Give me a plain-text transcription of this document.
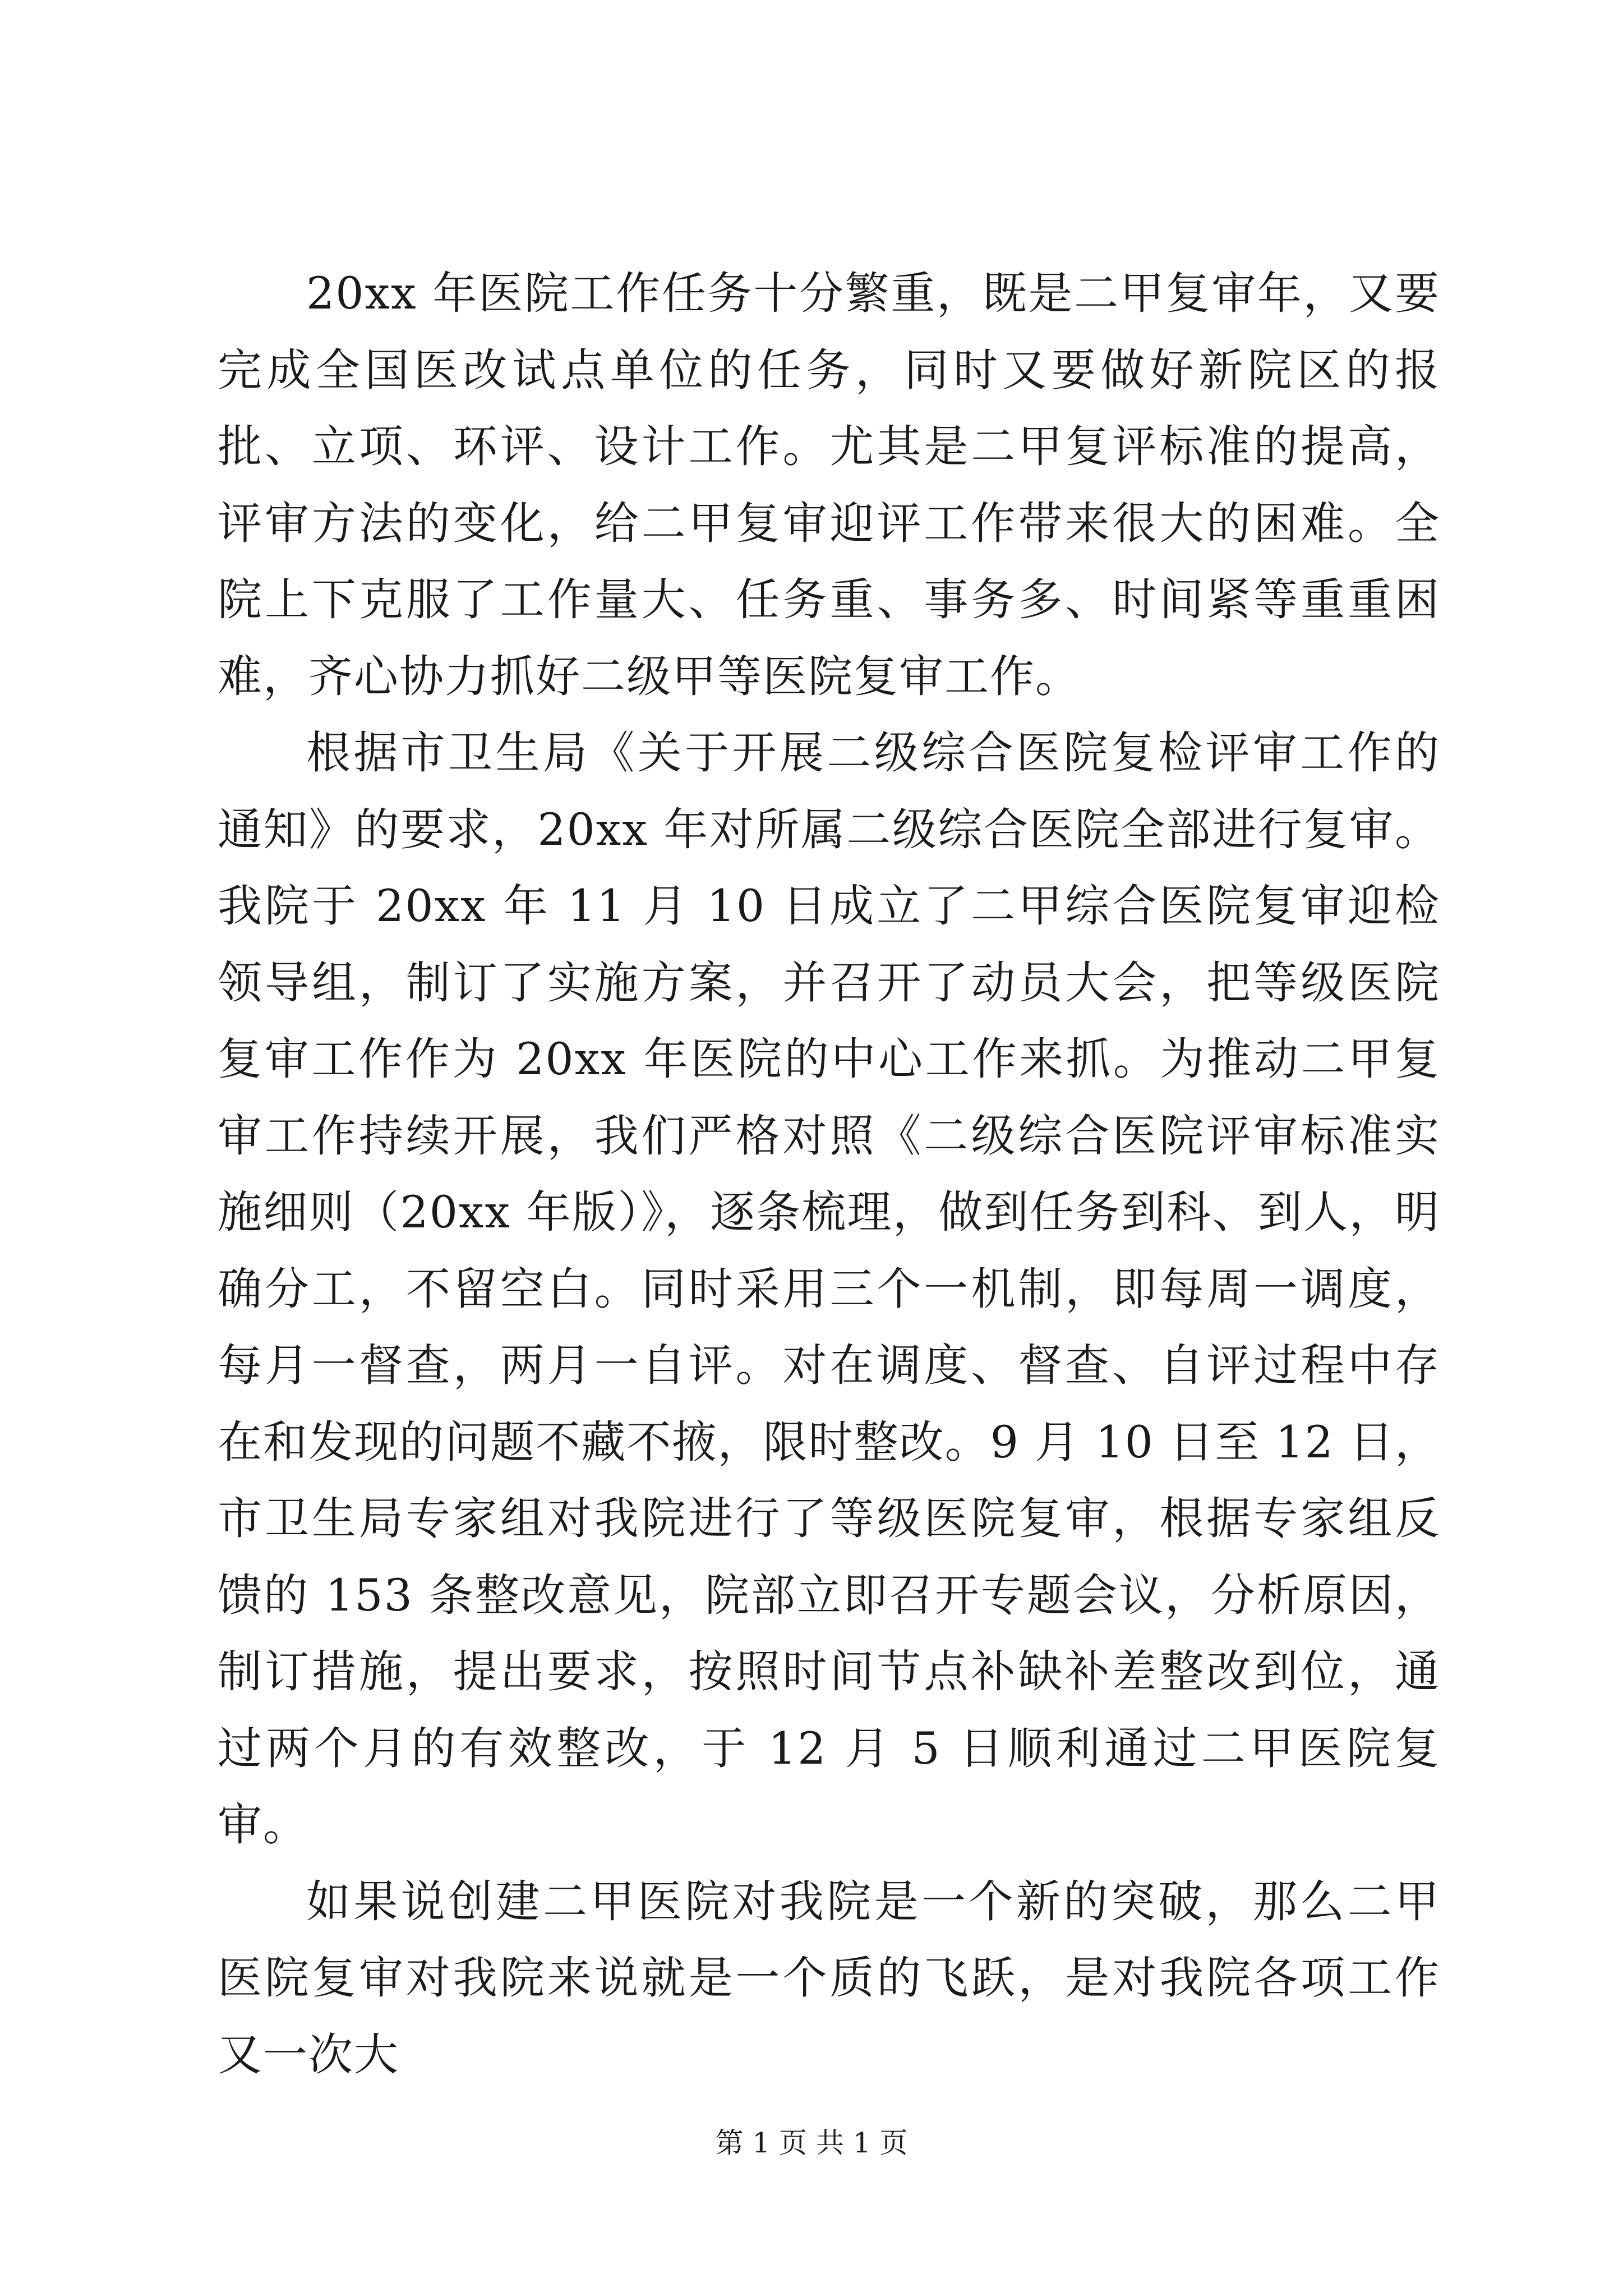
20xx 年医院工作任务十分繁重，既是二甲复审年，又要完成全国医改试点单位的任务，同时又要做好新院区的报批、立项、环评、设计工作。尤其是二甲复评标准的提高，评审方法的变化，给二甲复审迎评工作带来很大的困难。全院上下克服了工作量大、任务重、事务多、时间紧等重重困难，齐心协力抓好二级甲等医院复审工作。

根据市卫生局《关于开展二级综合医院复检评审工作的通知》的要求，20xx 年对所属二级综合医院全部进行复审。我院于 20xx 年 11 月 10 日成立了二甲综合医院复审迎检领导组，制订了实施方案，并召开了动员大会，把等级医院复审工作作为 20xx 年医院的中心工作来抓。为推动二甲复审工作持续开展，我们严格对照《二级综合医院评审标准实施细则（20xx 年版）》，逐条梳理，做到任务到科、到人，明确分工，不留空白。同时采用三个一机制，即每周一调度，每月一督查，两月一自评。对在调度、督查、自评过程中存在和发现的问题不藏不掖，限时整改。9 月 10 日至 12 日，市卫生局专家组对我院进行了等级医院复审，根据专家组反馈的 153 条整改意见，院部立即召开专题会议，分析原因，制订措施，提出要求，按照时间节点补缺补差整改到位，通过两个月的有效整改，于 12 月 5 日顺利通过二甲医院复审。

如果说创建二甲医院对我院是一个新的突破，那么二甲医院复审对我院来说就是一个质的飞跃，是对我院各项工作又一次大

第 1 页 共 1 页
